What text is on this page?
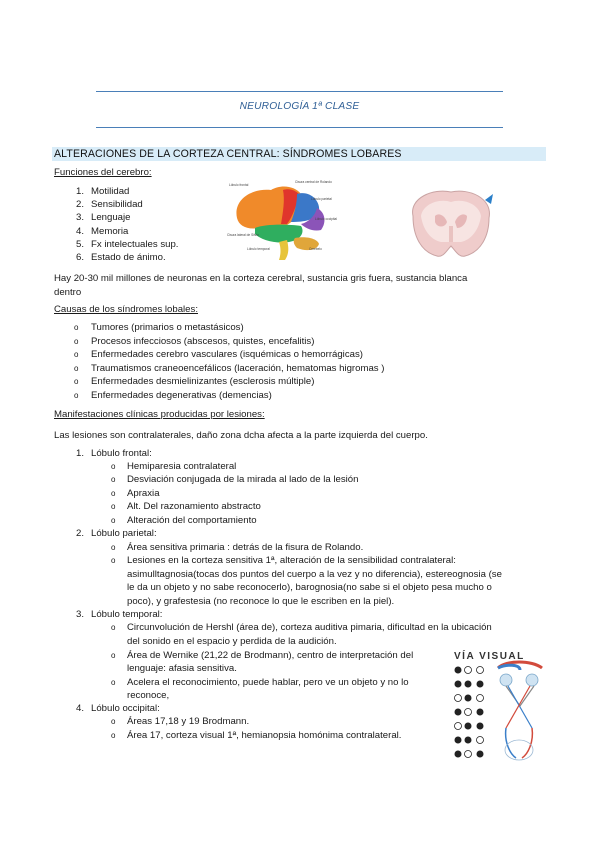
NEUROLOGÍA 1ª CLASE
ALTERACIONES DE LA CORTEZA CENTRAL: SÍNDROMES LOBARES
Funciones del cerebro:
1. Motilidad
2. Sensibilidad
3. Lenguaje
4. Memoria
5. Fx intelectuales sup.
6. Estado de ánimo.
Lóbulo frontal
Cisura central de Rolando
Lóbulo parietal
Lóbulo occipital
Cisura lateral de Silvio
Lóbulo temporal	Cerebelo
Hay 20-30 mil millones de neuronas en la corteza cerebral, sustancia gris fuera, sustancia blanca
dentro
Causas de los síndromes lobales:
o Tumores (primarios o metastásicos)
o Procesos infecciosos (abscesos, quistes, encefalitis)
o Enfermedades cerebro vasculares (isquémicas o hemorrágicas)
o Traumatismos craneoencefálicos (laceración, hematomas higromas )
o Enfermedades desmielinizantes (esclerosis múltiple)
o Enfermedades degenerativas (demencias)
Manifestaciones clínicas producidas por lesiones:
Las lesiones son contralaterales, daño zona dcha afecta a la parte izquierda del cuerpo.
1. Lóbulo frontal:
o Hemiparesia contralateral
o Desviación conjugada de la mirada al lado de la lesión
o Apraxia
o Alt. Del razonamiento abstracto
o Alteración del comportamiento
2. Lóbulo parietal:
o Área sensitiva primaria : detrás de la fisura de Rolando.
o Lesiones en la corteza sensitiva 1ª, alteración de la sensibilidad contralateral:
asimulltagnosia(tocas dos puntos del cuerpo a la vez y no diferencia), estereognosia (se
le da un objeto y no sabe reconocerlo), barognosia(no sabe si el objeto pesa mucho o
poco), y grafestesia (no reconoce lo que le escriben en la piel).
3. Lóbulo temporal:
o Circunvolución de Hershl (área de), corteza auditiva pimaria, dificultad en la ubicación
del sonido en el espacio y perdida de la audición.
o Área de Wernike (21,22 de Brodmann), centro de interpretación del
lenguaje: afasia sensitiva.
o Acelera el reconocimiento, puede hablar, pero ve un objeto y no lo
reconoce,
4. Lóbulo occipital:
o Áreas 17,18 y 19 Brodmann.
o Área 17, corteza visual 1ª, hemianopsia homónima contralateral.
VÍA VISUAL
